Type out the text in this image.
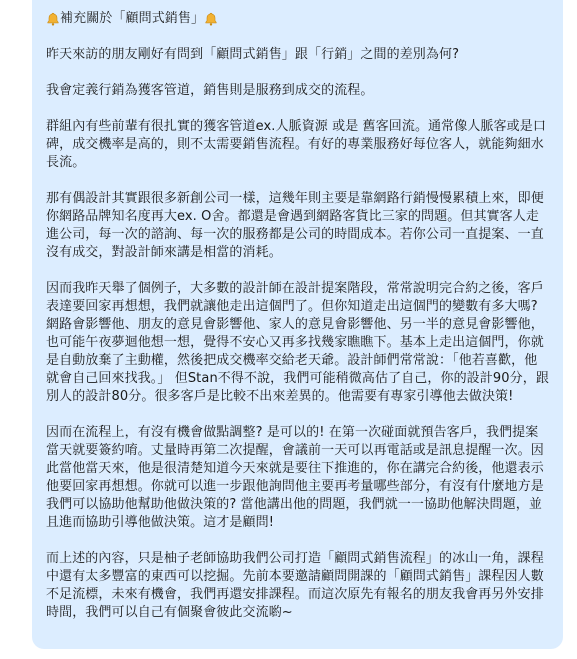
補充關於「顧問式銷售」

昨天來訪的朋友剛好有問到「顧問式銷售」跟「行銷」之間的差別為何?

我會定義行銷為獲客管道，銷售則是服務到成交的流程。

群組內有些前輩有很扎實的獲客管道ex.人脈資源 或是 舊客回流。通常像人脈客或是口碑，成交機率是高的，則不太需要銷售流程。有好的專業服務好每位客人，就能夠細水長流。

那有偶設計其實跟很多新創公司一樣，這幾年則主要是靠網路行銷慢慢累積上來，即便你網路品牌知名度再大ex. O舍。都還是會遇到網路客貨比三家的問題。但其實客人走進公司，每一次的諮詢、每一次的服務都是公司的時間成本。若你公司一直提案、一直沒有成交，對設計師來講是相當的消耗。

因而我昨天舉了個例子，大多數的設計師在設計提案階段，常常說明完合約之後，客戶表達要回家再想想，我們就讓他走出這個門了。但你知道走出這個門的變數有多大嗎? 網路會影響他、朋友的意見會影響他、家人的意見會影響他、另一半的意見會影響他，也可能午夜夢迴他想一想，覺得不安心又再多找幾家瞧瞧下。基本上走出這個門，你就是自動放棄了主動權，然後把成交機率交給老天爺。設計師們常常說：「他若喜歡，他就會自己回來找我。」 但Stan不得不說，我們可能稍微高估了自己，你的設計90分，跟別人的設計80分。很多客戶是比較不出來差異的。他需要有專家引導他去做決策!

因而在流程上，有沒有機會做點調整? 是可以的! 在第一次碰面就預告客戶，我們提案當天就要簽約唷。丈量時再第二次提醒，會議前一天可以再電話或是訊息提醒一次。因此當他當天來，他是很清楚知道今天來就是要往下推進的，你在講完合約後，他還表示他要回家再想想。你就可以進一步跟他詢問他主要再考量哪些部分，有沒有什麼地方是我們可以協助他幫助他做決策的? 當他講出他的問題，我們就一一協助他解決問題，並且進而協助引導他做決策。這才是顧問!

而上述的內容，只是柚子老師協助我們公司打造「顧問式銷售流程」的冰山一角，課程中還有太多豐富的東西可以挖掘。先前本要邀請顧問開課的「顧問式銷售」課程因人數不足流標，未來有機會，我們再還安排課程。而這次原先有報名的朋友我會再另外安排時間，我們可以自己有個聚會彼此交流喲~
